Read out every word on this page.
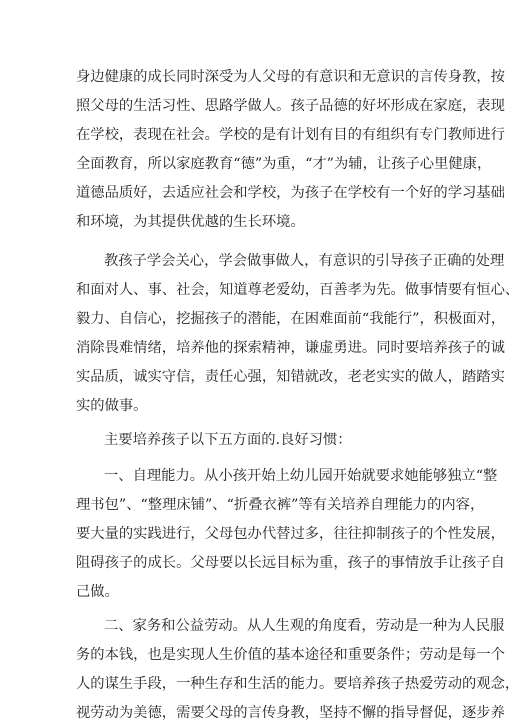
身边健康的成长同时深受为人父母的有意识和无意识的言传身教，按
照父母的生活习性、思路学做人。孩子品德的好坏形成在家庭，表现
在学校，表现在社会。学校的是有计划有目的有组织有专门教师进行
全面教育，所以家庭教育“德”为重，“才”为辅，让孩子心里健康，
道德品质好，去适应社会和学校，为孩子在学校有一个好的学习基础
和环境，为其提供优越的生长环境。
教孩子学会关心，学会做事做人，有意识的引导孩子正确的处理
和面对人、事、社会，知道尊老爱幼，百善孝为先。做事情要有恒心、
毅力、自信心，挖掘孩子的潜能，在困难面前“我能行”，积极面对，
消除畏难情绪，培养他的探索精神，谦虚勇进。同时要培养孩子的诚
实品质，诚实守信，责任心强，知错就改，老老实实的做人，踏踏实
实的做事。
主要培养孩子以下五方面的.良好习惯：
一、自理能力。从小孩开始上幼儿园开始就要求她能够独立“整
理书包”、“整理床铺”、“折叠衣裤”等有关培养自理能力的内容，
要大量的实践进行，父母包办代替过多，往往抑制孩子的个性发展，
阻碍孩子的成长。父母要以长远目标为重，孩子的事情放手让孩子自
己做。
二、家务和公益劳动。从人生观的角度看，劳动是一种为人民服
务的本钱，也是实现人生价值的基本途径和重要条件；劳动是每一个
人的谋生手段，一种生存和生活的能力。要培养孩子热爱劳动的观念，
视劳动为美德，需要父母的言传身教，坚持不懈的指导督促，逐步养
